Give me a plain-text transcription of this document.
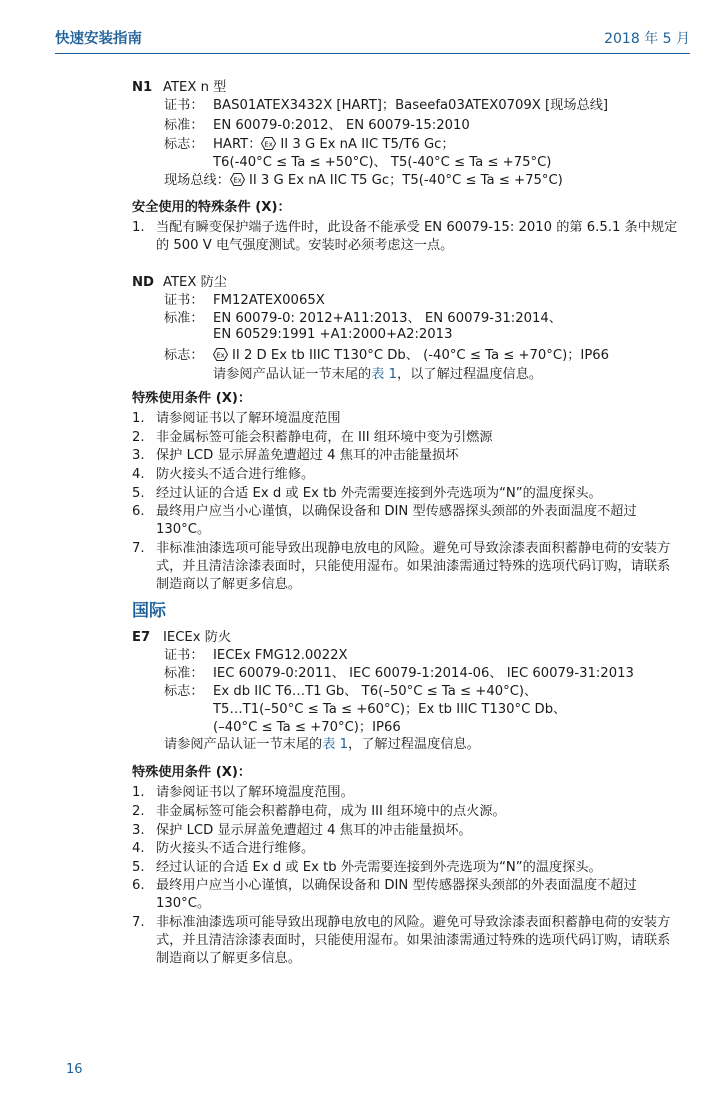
快速安装指南	2018 年 5 月
N1 ATEX n 型
证书： BAS01ATEX3432X [HART]；Baseefa03ATEX0709X [现场总线]
标准： EN 60079-0:2012、 EN 60079-15:2010
标志： HART： Ex II 3 G Ex nA IIC T5/T6 Gc；
T6(-40°C ≤ Ta ≤ +50°C)、 T5(-40°C ≤ Ta ≤ +75°C)
现场总线： Ex II 3 G Ex nA IIC T5 Gc；T5(-40°C ≤ Ta ≤ +75°C)
安全使用的特殊条件 (X)：
1. 当配有瞬变保护端子选件时，此设备不能承受 EN 60079-15: 2010 的第 6.5.1 条中规定的 500 V 电气强度测试。安装时必须考虑这一点。
ND ATEX 防尘
证书： FM12ATEX0065X
标准： EN 60079-0: 2012+A11:2013、 EN 60079-31:2014、
EN 60529:1991 +A1:2000+A2:2013
标志： Ex II 2 D Ex tb IIIC T130°C Db、 (-40°C ≤ Ta ≤ +70°C)；IP66
请参阅产品认证一节末尾的表 1，以了解过程温度信息。
特殊使用条件 (X)：
1. 请参阅证书以了解环境温度范围
2. 非金属标签可能会积蓄静电荷，在 III 组环境中变为引燃源
3. 保护 LCD 显示屏盖免遭超过 4 焦耳的冲击能量损坏
4. 防火接头不适合进行维修。
5. 经过认证的合适 Ex d 或 Ex tb 外壳需要连接到外壳选项为“N”的温度探头。
6. 最终用户应当小心谨慎，以确保设备和 DIN 型传感器探头颈部的外表面温度不超过 130°C。
7. 非标准油漆选项可能导致出现静电放电的风险。避免可导致涂漆表面积蓄静电荷的安装方式，并且清洁涂漆表面时，只能使用湿布。如果油漆需通过特殊的选项代码订购，请联系制造商以了解更多信息。
国际
E7 IECEx 防火
证书： IECEx FMG12.0022X
标准： IEC 60079-0:2011、 IEC 60079-1:2014-06、 IEC 60079-31:2013
标志： Ex db IIC T6…T1 Gb、 T6(–50°C ≤ Ta ≤ +40°C)、
T5…T1(–50°C ≤ Ta ≤ +60°C)；Ex tb IIIC T130°C Db、
(–40°C ≤ Ta ≤ +70°C)；IP66
请参阅产品认证一节末尾的表 1，了解过程温度信息。
特殊使用条件 (X)：
1. 请参阅证书以了解环境温度范围。
2. 非金属标签可能会积蓄静电荷，成为 III 组环境中的点火源。
3. 保护 LCD 显示屏盖免遭超过 4 焦耳的冲击能量损坏。
4. 防火接头不适合进行维修。
5. 经过认证的合适 Ex d 或 Ex tb 外壳需要连接到外壳选项为“N”的温度探头。
6. 最终用户应当小心谨慎，以确保设备和 DIN 型传感器探头颈部的外表面温度不超过 130°C。
7. 非标准油漆选项可能导致出现静电放电的风险。避免可导致涂漆表面积蓄静电荷的安装方式，并且清洁涂漆表面时，只能使用湿布。如果油漆需通过特殊的选项代码订购，请联系制造商以了解更多信息。
16
